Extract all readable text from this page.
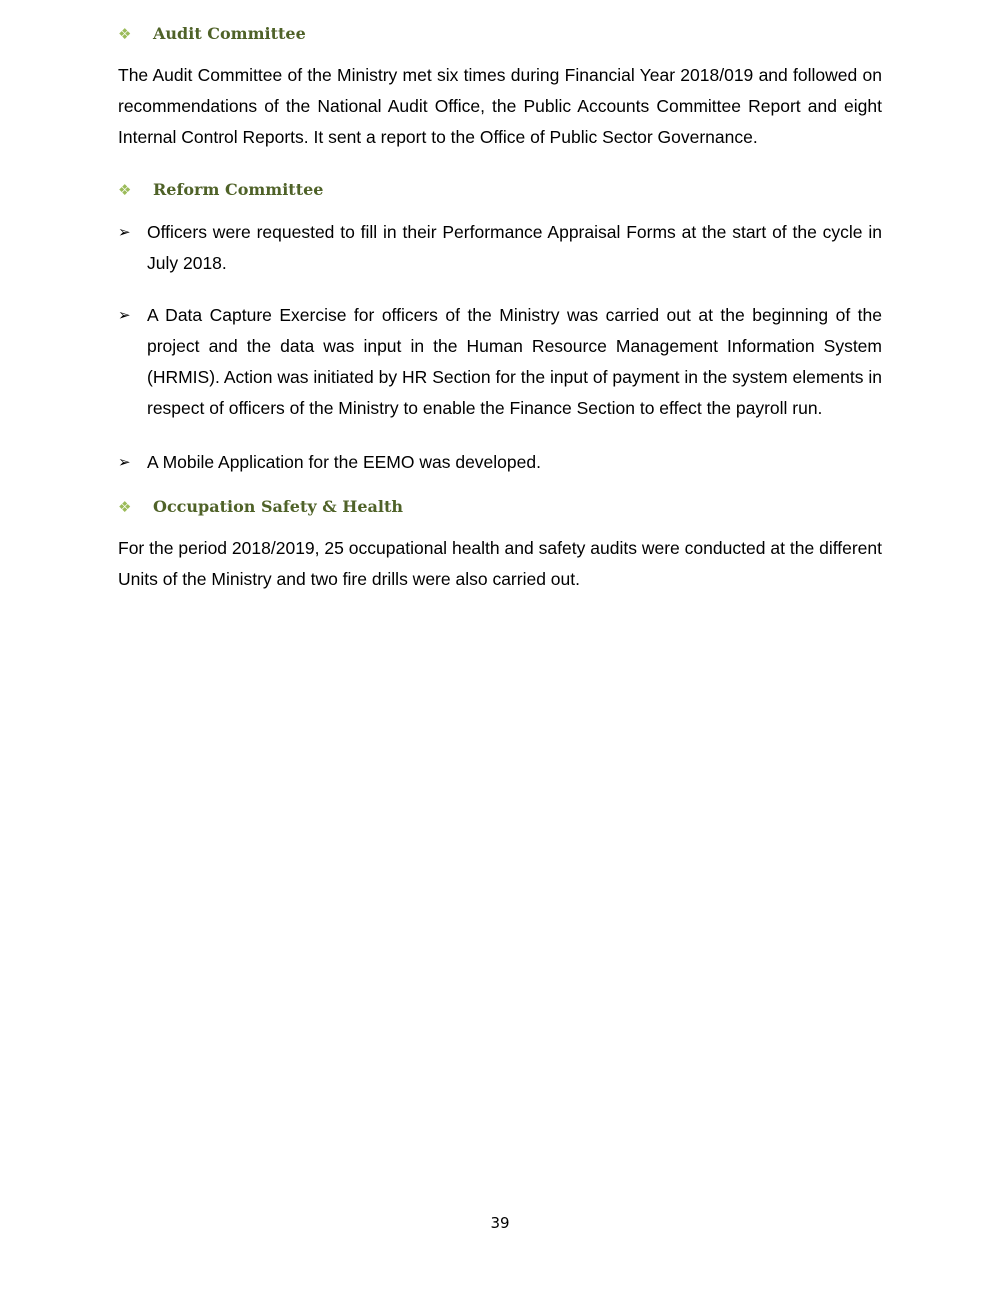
❖	Audit Committee

The Audit Committee of the Ministry met six times during Financial Year 2018/019 and followed on recommendations of the National Audit Office, the Public Accounts Committee Report and eight Internal Control Reports. It sent a report to the Office of Public Sector Governance.

❖	Reform Committee
➢ Officers were requested to fill in their Performance Appraisal Forms at the start of the cycle in July 2018.
➢ A Data Capture Exercise for officers of the Ministry was carried out at the beginning of the project and the data was input in the Human Resource Management Information System (HRMIS). Action was initiated by HR Section for the input of payment in the system elements in respect of officers of the Ministry to enable the Finance Section to effect the payroll run.
➢ A Mobile Application for the EEMO was developed.
❖	Occupation Safety & Health

For the period 2018/2019, 25 occupational health and safety audits were conducted at the different Units of the Ministry and two fire drills were also carried out.

39
